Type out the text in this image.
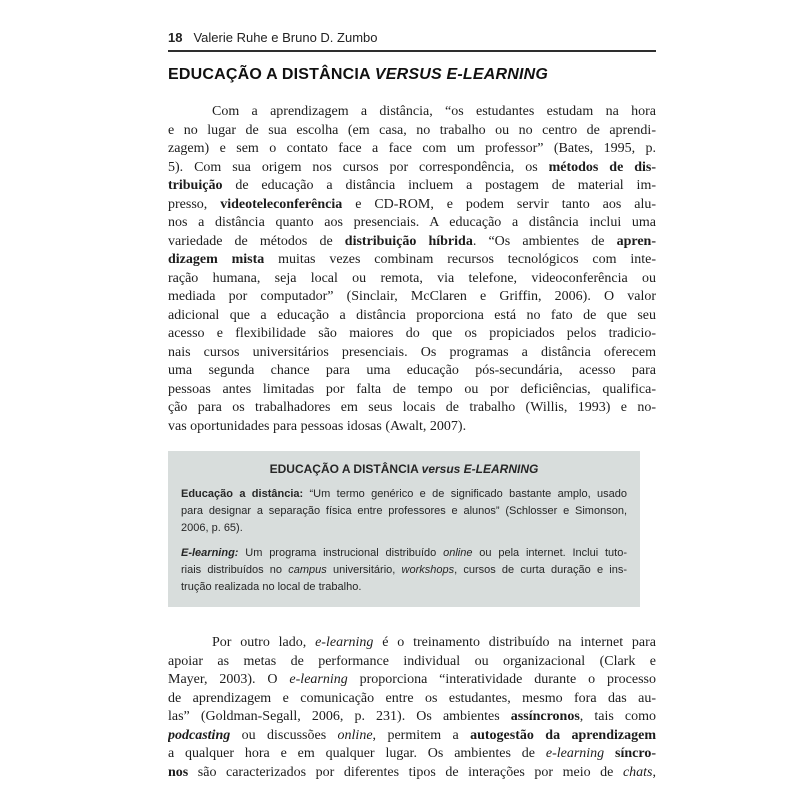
18 Valerie Ruhe e Bruno D. Zumbo
EDUCAÇÃO A DISTÂNCIA VERSUS E-LEARNING
Com a aprendizagem a distância, “os estudantes estudam na hora
e no lugar de sua escolha (em casa, no trabalho ou no centro de aprendi-
zagem) e sem o contato face a face com um professor” (Bates, 1995, p.
5). Com sua origem nos cursos por correspondência, os métodos de dis-
tribuição de educação a distância incluem a postagem de material im-
presso, videoteleconferência e CD-ROM, e podem servir tanto aos alu-
nos a distância quanto aos presenciais. A educação a distância inclui uma
variedade de métodos de distribuição híbrida. “Os ambientes de apren-
dizagem mista muitas vezes combinam recursos tecnológicos com inte-
ração humana, seja local ou remota, via telefone, videoconferência ou
mediada por computador” (Sinclair, McClaren e Griffin, 2006). O valor
adicional que a educação a distância proporciona está no fato de que seu
acesso e flexibilidade são maiores do que os propiciados pelos tradicio-
nais cursos universitários presenciais. Os programas a distância oferecem
uma segunda chance para uma educação pós-secundária, acesso para
pessoas antes limitadas por falta de tempo ou por deficiências, qualifica-
ção para os trabalhadores em seus locais de trabalho (Willis, 1993) e no-
vas oportunidades para pessoas idosas (Awalt, 2007).
EDUCAÇÃO A DISTÂNCIA versus E-LEARNING
Educação a distância: “Um termo genérico e de significado bastante amplo, usado
para designar a separação física entre professores e alunos” (Schlosser e Simonson,
2006, p. 65).
E-learning: Um programa instrucional distribuído online ou pela internet. Inclui tuto-
riais distribuídos no campus universitário, workshops, cursos de curta duração e ins-
trução realizada no local de trabalho.
Por outro lado, e-learning é o treinamento distribuído na internet para
apoiar as metas de performance individual ou organizacional (Clark e
Mayer, 2003). O e-learning proporciona “interatividade durante o processo
de aprendizagem e comunicação entre os estudantes, mesmo fora das au-
las” (Goldman-Segall, 2006, p. 231). Os ambientes assíncronos, tais como
podcasting ou discussões online, permitem a autogestão da aprendizagem
a qualquer hora e em qualquer lugar. Os ambientes de e-learning síncro-
nos são caracterizados por diferentes tipos de interações por meio de chats,
